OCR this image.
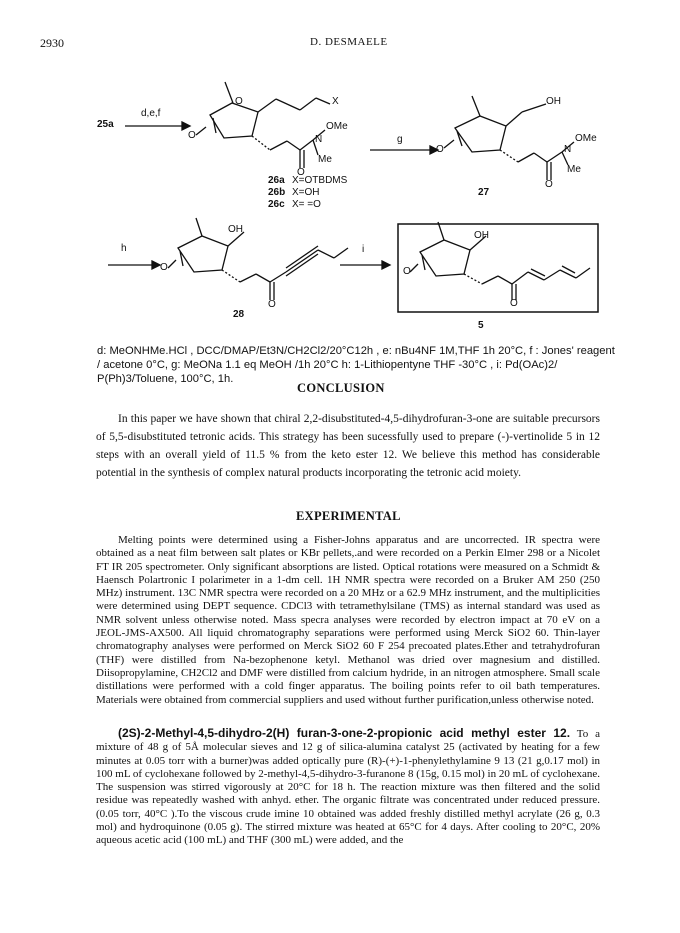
2930	D. DESMAELE
25a
d,e,f
O	X
O	N
OMe
Me
O
26a X=OTBDMS
26b X=OH
26c X= =O
g
OH
O	N
OMe
Me
O
27
h
OH
O
O
28
i
OH
O
O
5
d: MeONHMe.HCl , DCC/DMAP/Et3N/CH2Cl2/20°C12h , e: nBu4NF 1M,THF 1h 20°C, f : Jones' reagent / acetone 0°C, g: MeONa 1.1 eq MeOH /1h 20°C h: 1-Lithiopentyne THF -30°C , i: Pd(OAc)2/ P(Ph)3/Toluene, 100°C, 1h.
CONCLUSION
In this paper we have shown that chiral 2,2-disubstituted-4,5-dihydrofuran-3-one are suitable precursors of 5,5-disubstituted tetronic acids. This strategy has been sucessfully used to prepare (-)-vertinolide 5 in 12 steps with an overall yield of 11.5 % from the keto ester 12. We believe this method has considerable potential in the synthesis of complex natural products incorporating the tetronic acid moiety.
EXPERIMENTAL
Melting points were determined using a Fisher-Johns apparatus and are uncorrected. IR spectra were obtained as a neat film between salt plates or KBr pellets,.and were recorded on a Perkin Elmer 298 or a Nicolet FT IR 205 spectrometer. Only significant absorptions are listed. Optical rotations were measured on a Schmidt & Haensch Polartronic I polarimeter in a 1-dm cell. 1H NMR spectra were recorded on a Bruker AM 250 (250 MHz) instrument. 13C NMR spectra were recorded on a 20 MHz or a 62.9 MHz instrument, and the multiplicities were determined using DEPT sequence. CDCl3 with tetramethylsilane (TMS) as internal standard was used as NMR solvent unless otherwise noted. Mass specra analyses were recorded by electron impact at 70 eV on a JEOL-JMS-AX500. All liquid chromatography separations were performed using Merck SiO2 60. Thin-layer chromatography analyses were performed on Merck SiO2 60 F 254 precoated plates.Ether and tetrahydrofuran (THF) were distilled from Na-bezophenone ketyl. Methanol was dried over magnesium and distilled. Diisopropylamine, CH2Cl2 and DMF were distilled from calcium hydride, in an nitrogen atmosphere. Small scale distillations were performed with a cold finger apparatus. The boiling points refer to oil bath temperatures. Materials were obtained from commercial suppliers and used without further purification,unless otherwise noted.
(2S)-2-Methyl-4,5-dihydro-2(H) furan-3-one-2-propionic acid methyl ester 12. To a mixture of 48 g of 5Å molecular sieves and 12 g of silica-alumina catalyst 25 (activated by heating for a few minutes at 0.05 torr with a burner)was added optically pure (R)-(+)-1-phenylethylamine 9 13 (21 g,0.17 mol) in 100 mL of cyclohexane followed by 2-methyl-4,5-dihydro-3-furanone 8 (15g, 0.15 mol) in 20 mL of cyclohexane. The suspension was stirred vigorously at 20°C for 18 h. The reaction mixture was then filtered and the solid residue was repeatedly washed with anhyd. ether. The organic filtrate was concentrated under reduced pressure.(0.05 torr, 40°C ).To the viscous crude imine 10 obtained was added freshly distilled methyl acrylate (26 g, 0.3 mol) and hydroquinone (0.05 g). The stirred mixture was heated at 65°C for 4 days. After cooling to 20°C, 20% aqueous acetic acid (100 mL) and THF (300 mL) were added, and the
